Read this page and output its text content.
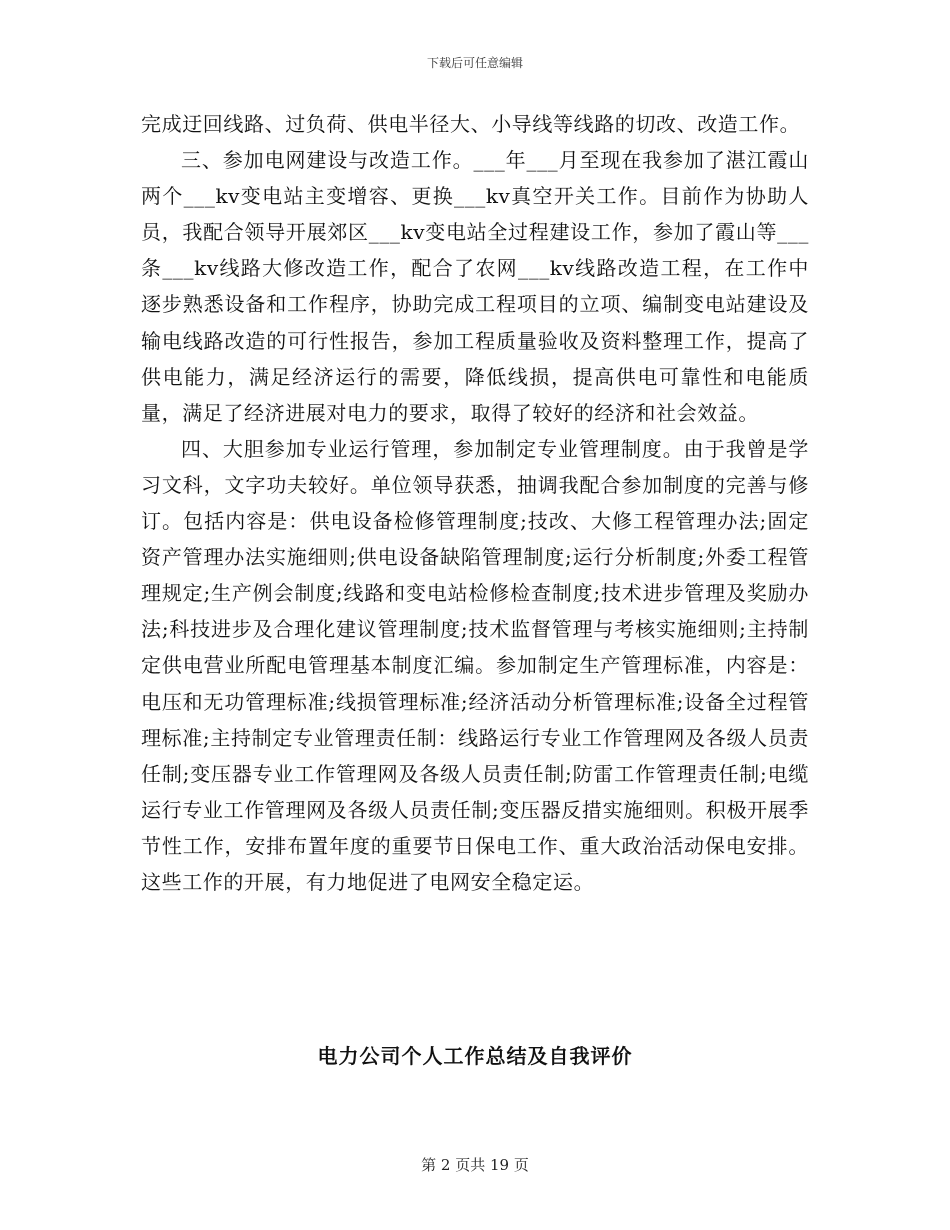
下载后可任意编辑

完成迂回线路、过负荷、供电半径大、小导线等线路的切改、改造工作。

三、参加电网建设与改造工作。___年___月至现在我参加了湛江霞山两个___kv变电站主变增容、更换___kv真空开关工作。目前作为协助人员，我配合领导开展郊区___kv变电站全过程建设工作，参加了霞山等___条___kv线路大修改造工作，配合了农网___kv线路改造工程，在工作中逐步熟悉设备和工作程序，协助完成工程项目的立项、编制变电站建设及输电线路改造的可行性报告，参加工程质量验收及资料整理工作，提高了供电能力，满足经济运行的需要，降低线损，提高供电可靠性和电能质量，满足了经济进展对电力的要求，取得了较好的经济和社会效益。

四、大胆参加专业运行管理，参加制定专业管理制度。由于我曾是学习文科，文字功夫较好。单位领导获悉，抽调我配合参加制度的完善与修订。包括内容是：供电设备检修管理制度;技改、大修工程管理办法;固定资产管理办法实施细则;供电设备缺陷管理制度;运行分析制度;外委工程管理规定;生产例会制度;线路和变电站检修检查制度;技术进步管理及奖励办法;科技进步及合理化建议管理制度;技术监督管理与考核实施细则;主持制定供电营业所配电管理基本制度汇编。参加制定生产管理标准，内容是：电压和无功管理标准;线损管理标准;经济活动分析管理标准;设备全过程管理标准;主持制定专业管理责任制：线路运行专业工作管理网及各级人员责任制;变压器专业工作管理网及各级人员责任制;防雷工作管理责任制;电缆运行专业工作管理网及各级人员责任制;变压器反措实施细则。积极开展季节性工作，安排布置年度的重要节日保电工作、重大政治活动保电安排。这些工作的开展，有力地促进了电网安全稳定运。

电力公司个人工作总结及自我评价
第 2 页共 19 页
